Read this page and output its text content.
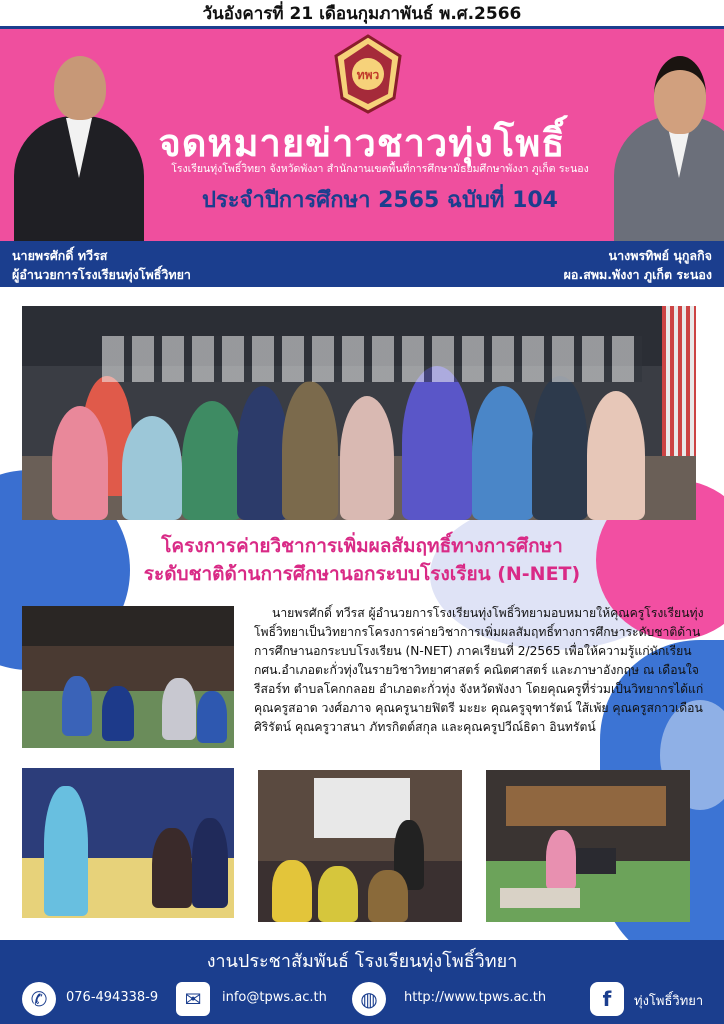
วันอังคารที่ 21 เดือนกุมภาพันธ์ พ.ศ.2566
ทพว
จดหมายข่าวชาวทุ่งโพธิ์
โรงเรียนทุ่งโพธิ์วิทยา จังหวัดพังงา สำนักงานเขตพื้นที่การศึกษามัธยมศึกษาพังงา ภูเก็ต ระนอง
ประจำปีการศึกษา 2565 ฉบับที่ 104
นายพรศักดิ์ ทวีรส
ผู้อำนวยการโรงเรียนทุ่งโพธิ์วิทยา
นางพรทิพย์ นุกูลกิจ
ผอ.สพม.พังงา ภูเก็ต ระนอง
โครงการค่ายวิชาการเพิ่มผลสัมฤทธิ์ทางการศึกษา
ระดับชาติด้านการศึกษานอกระบบโรงเรียน (N-NET)
นายพรศักดิ์ ทวีรส ผู้อำนวยการโรงเรียนทุ่งโพธิ์วิทยามอบหมายให้คุณครูโรงเรียนทุ่งโพธิ์วิทยาเป็นวิทยากรโครงการค่ายวิชาการเพิ่มผลสัมฤทธิ์ทางการศึกษาระดับชาติด้านการศึกษานอกระบบโรงเรียน (N-NET) ภาคเรียนที่ 2/2565 เพื่อให้ความรู้แก่นักเรียน กศน.อำเภอตะกั่วทุ่งในรายวิชาวิทยาศาสตร์ คณิตศาสตร์ และภาษาอังกฤษ ณ เดือนใจรีสอร์ท ตำบลโคกกลอย อำเภอตะกั่วทุ่ง จังหวัดพังงา โดยคุณครูที่ร่วมเป็นวิทยากรได้แก่คุณครูสอาด วงศ์อภาจ คุณครูนายฟิตรี มะยะ คุณครูจุฑารัตน์ ใส้เพ้ย คุณครูสกาวเดือน ศิริรัตน์ คุณครูวาสนา ภัทรกิตต์สกุล และคุณครูปวีณ์ธิดา อินทรัตน์
งานประชาสัมพันธ์ โรงเรียนทุ่งโพธิ์วิทยา
✆	076-494338-9	✉	info@tpws.ac.th	◍	http://www.tpws.ac.th	f	ทุ่งโพธิ์วิทยา
